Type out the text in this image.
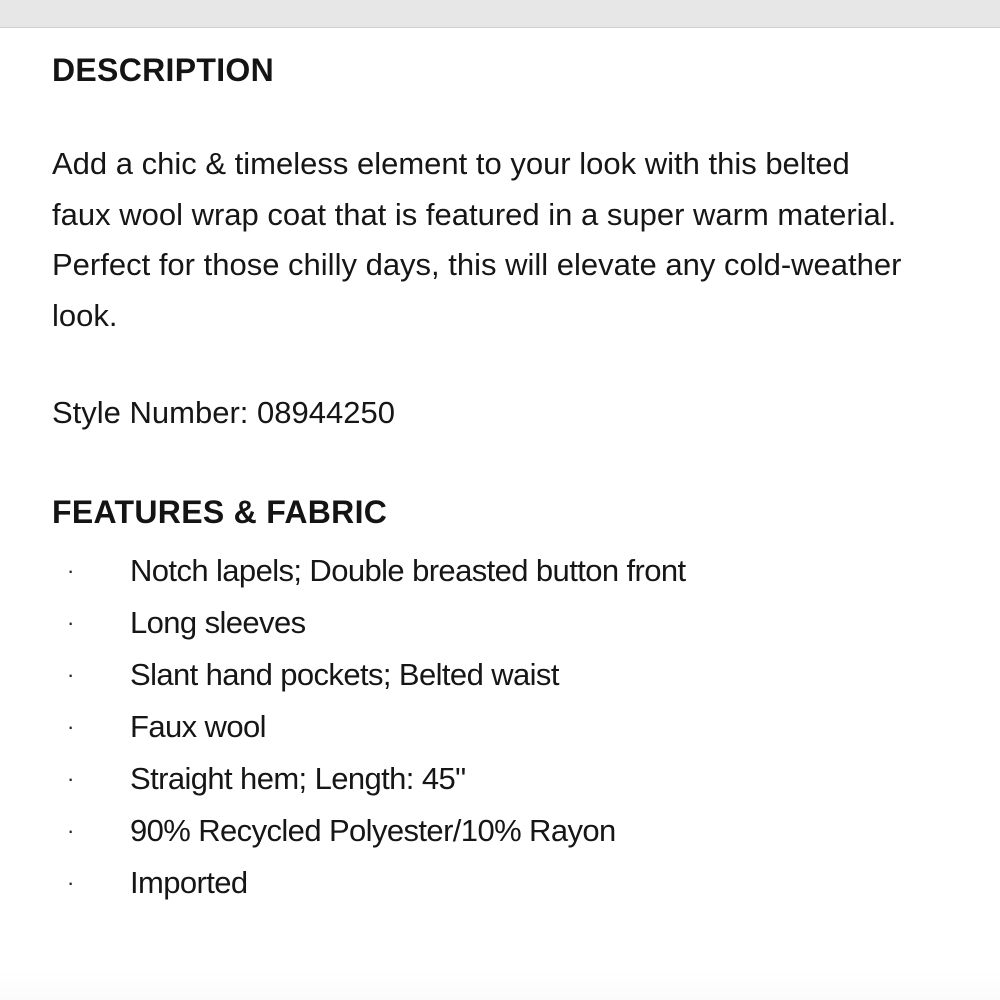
DESCRIPTION

Add a chic & timeless element to your look with this belted faux wool wrap coat that is featured in a super warm material. Perfect for those chilly days, this will elevate any cold-weather look.

Style Number: 08944250

FEATURES & FABRIC
· Notch lapels; Double breasted button front
· Long sleeves
· Slant hand pockets; Belted waist
· Faux wool
· Straight hem; Length: 45"
· 90% Recycled Polyester/10% Rayon
· Imported
